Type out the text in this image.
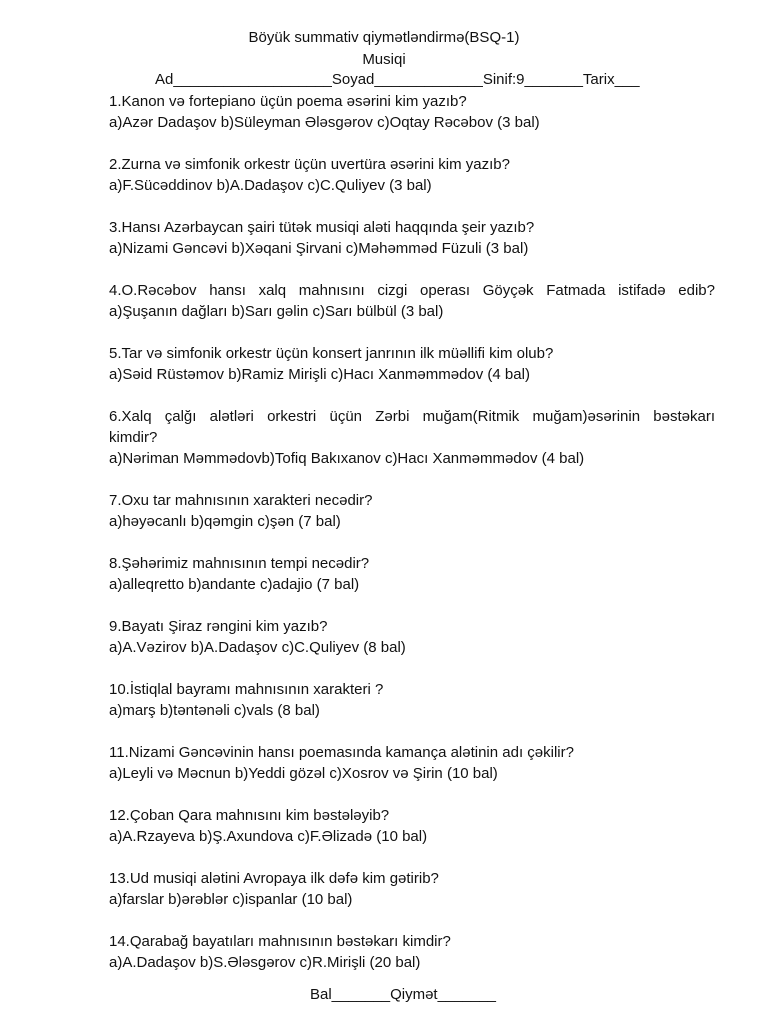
Böyük summativ qiymətləndirmə(BSQ-1)
Musiqi
Ad___________________Soyad_____________Sinif:9_______Tarix___
1.Kanon və fortepiano üçün poema əsərini kim yazıb?
a)Azər Dadaşov b)Süleyman Ələsgərov c)Oqtay Rəcəbov (3 bal)
2.Zurna və simfonik orkestr üçün uvertüra əsərini kim yazıb?
a)F.Sücəddinov b)A.Dadaşov c)C.Quliyev (3 bal)
3.Hansı Azərbaycan şairi tütək musiqi aləti haqqında şeir yazıb?
a)Nizami Gəncəvi b)Xəqani Şirvani c)Məhəmməd Füzuli (3 bal)
4.O.Rəcəbov hansı xalq mahnısını cizgi operası Göyçək Fatmada istifadə edib?
a)Şuşanın dağları b)Sarı gəlin c)Sarı bülbül (3 bal)
5.Tar və simfonik orkestr üçün konsert janrının ilk müəllifi kim olub?
a)Səid Rüstəmov b)Ramiz Mirişli c)Hacı Xanməmmədov (4 bal)
6.Xalq çalğı alətləri orkestri üçün Zərbi muğam(Ritmik muğam)əsərinin bəstəkarı
kimdir?
a)Nəriman Məmmədovb)Tofiq Bakıxanov c)Hacı Xanməmmədov (4 bal)
7.Oxu tar mahnısının xarakteri necədir?
a)həyəcanlı b)qəmgin c)şən (7 bal)
8.Şəhərimiz mahnısının tempi necədir?
a)alleqretto b)andante c)adajio (7 bal)
9.Bayatı Şiraz rəngini kim yazıb?
a)A.Vəzirov b)A.Dadaşov c)C.Quliyev (8 bal)
10.İstiqlal bayramı mahnısının xarakteri ?
a)marş b)təntənəli c)vals (8 bal)
11.Nizami Gəncəvinin hansı poemasında kamança alətinin adı çəkilir?
a)Leyli və Məcnun b)Yeddi gözəl c)Xosrov və Şirin (10 bal)
12.Çoban Qara mahnısını kim bəstələyib?
a)A.Rzayeva b)Ş.Axundova c)F.Əlizadə (10 bal)
13.Ud musiqi alətini Avropaya ilk dəfə kim gətirib?
a)farslar b)ərəblər c)ispanlar (10 bal)
14.Qarabağ bayatıları mahnısının bəstəkarı kimdir?
a)A.Dadaşov b)S.Ələsgərov c)R.Mirişli (20 bal)
Bal_______Qiymət_______
